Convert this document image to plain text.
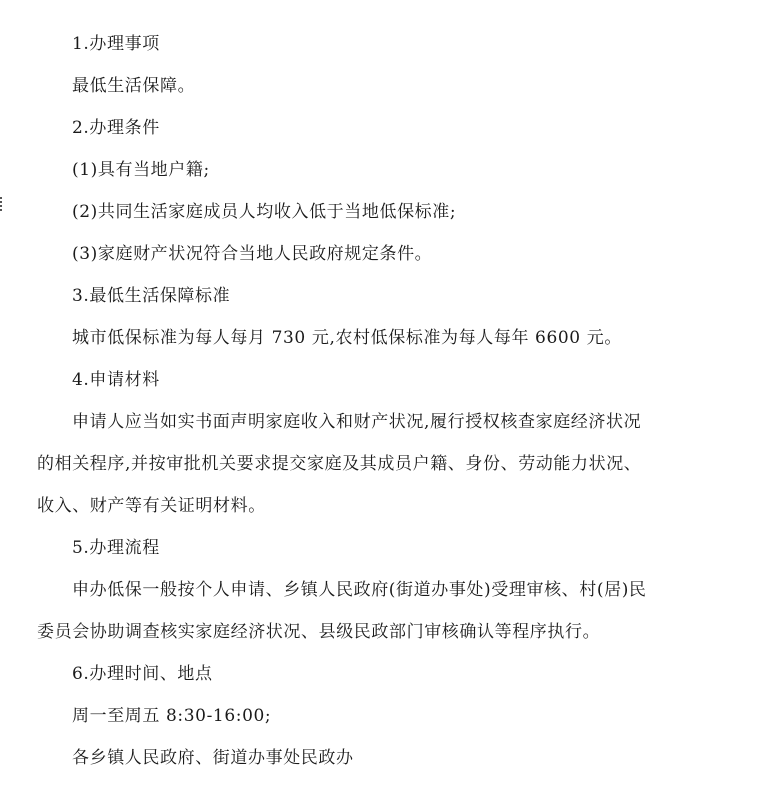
1.办理事项
最低生活保障。
2.办理条件
(1)具有当地户籍;
(2)共同生活家庭成员人均收入低于当地低保标准;
(3)家庭财产状况符合当地人民政府规定条件。
3.最低生活保障标准
城市低保标准为每人每月 730 元,农村低保标准为每人每年 6600 元。
4.申请材料
申请人应当如实书面声明家庭收入和财产状况,履行授权核查家庭经济状况
的相关程序,并按审批机关要求提交家庭及其成员户籍、身份、劳动能力状况、
收入、财产等有关证明材料。
5.办理流程
申办低保一般按个人申请、乡镇人民政府(街道办事处)受理审核、村(居)民
委员会协助调查核实家庭经济状况、县级民政部门审核确认等程序执行。
6.办理时间、地点
周一至周五 8:30-16:00;
各乡镇人民政府、街道办事处民政办
